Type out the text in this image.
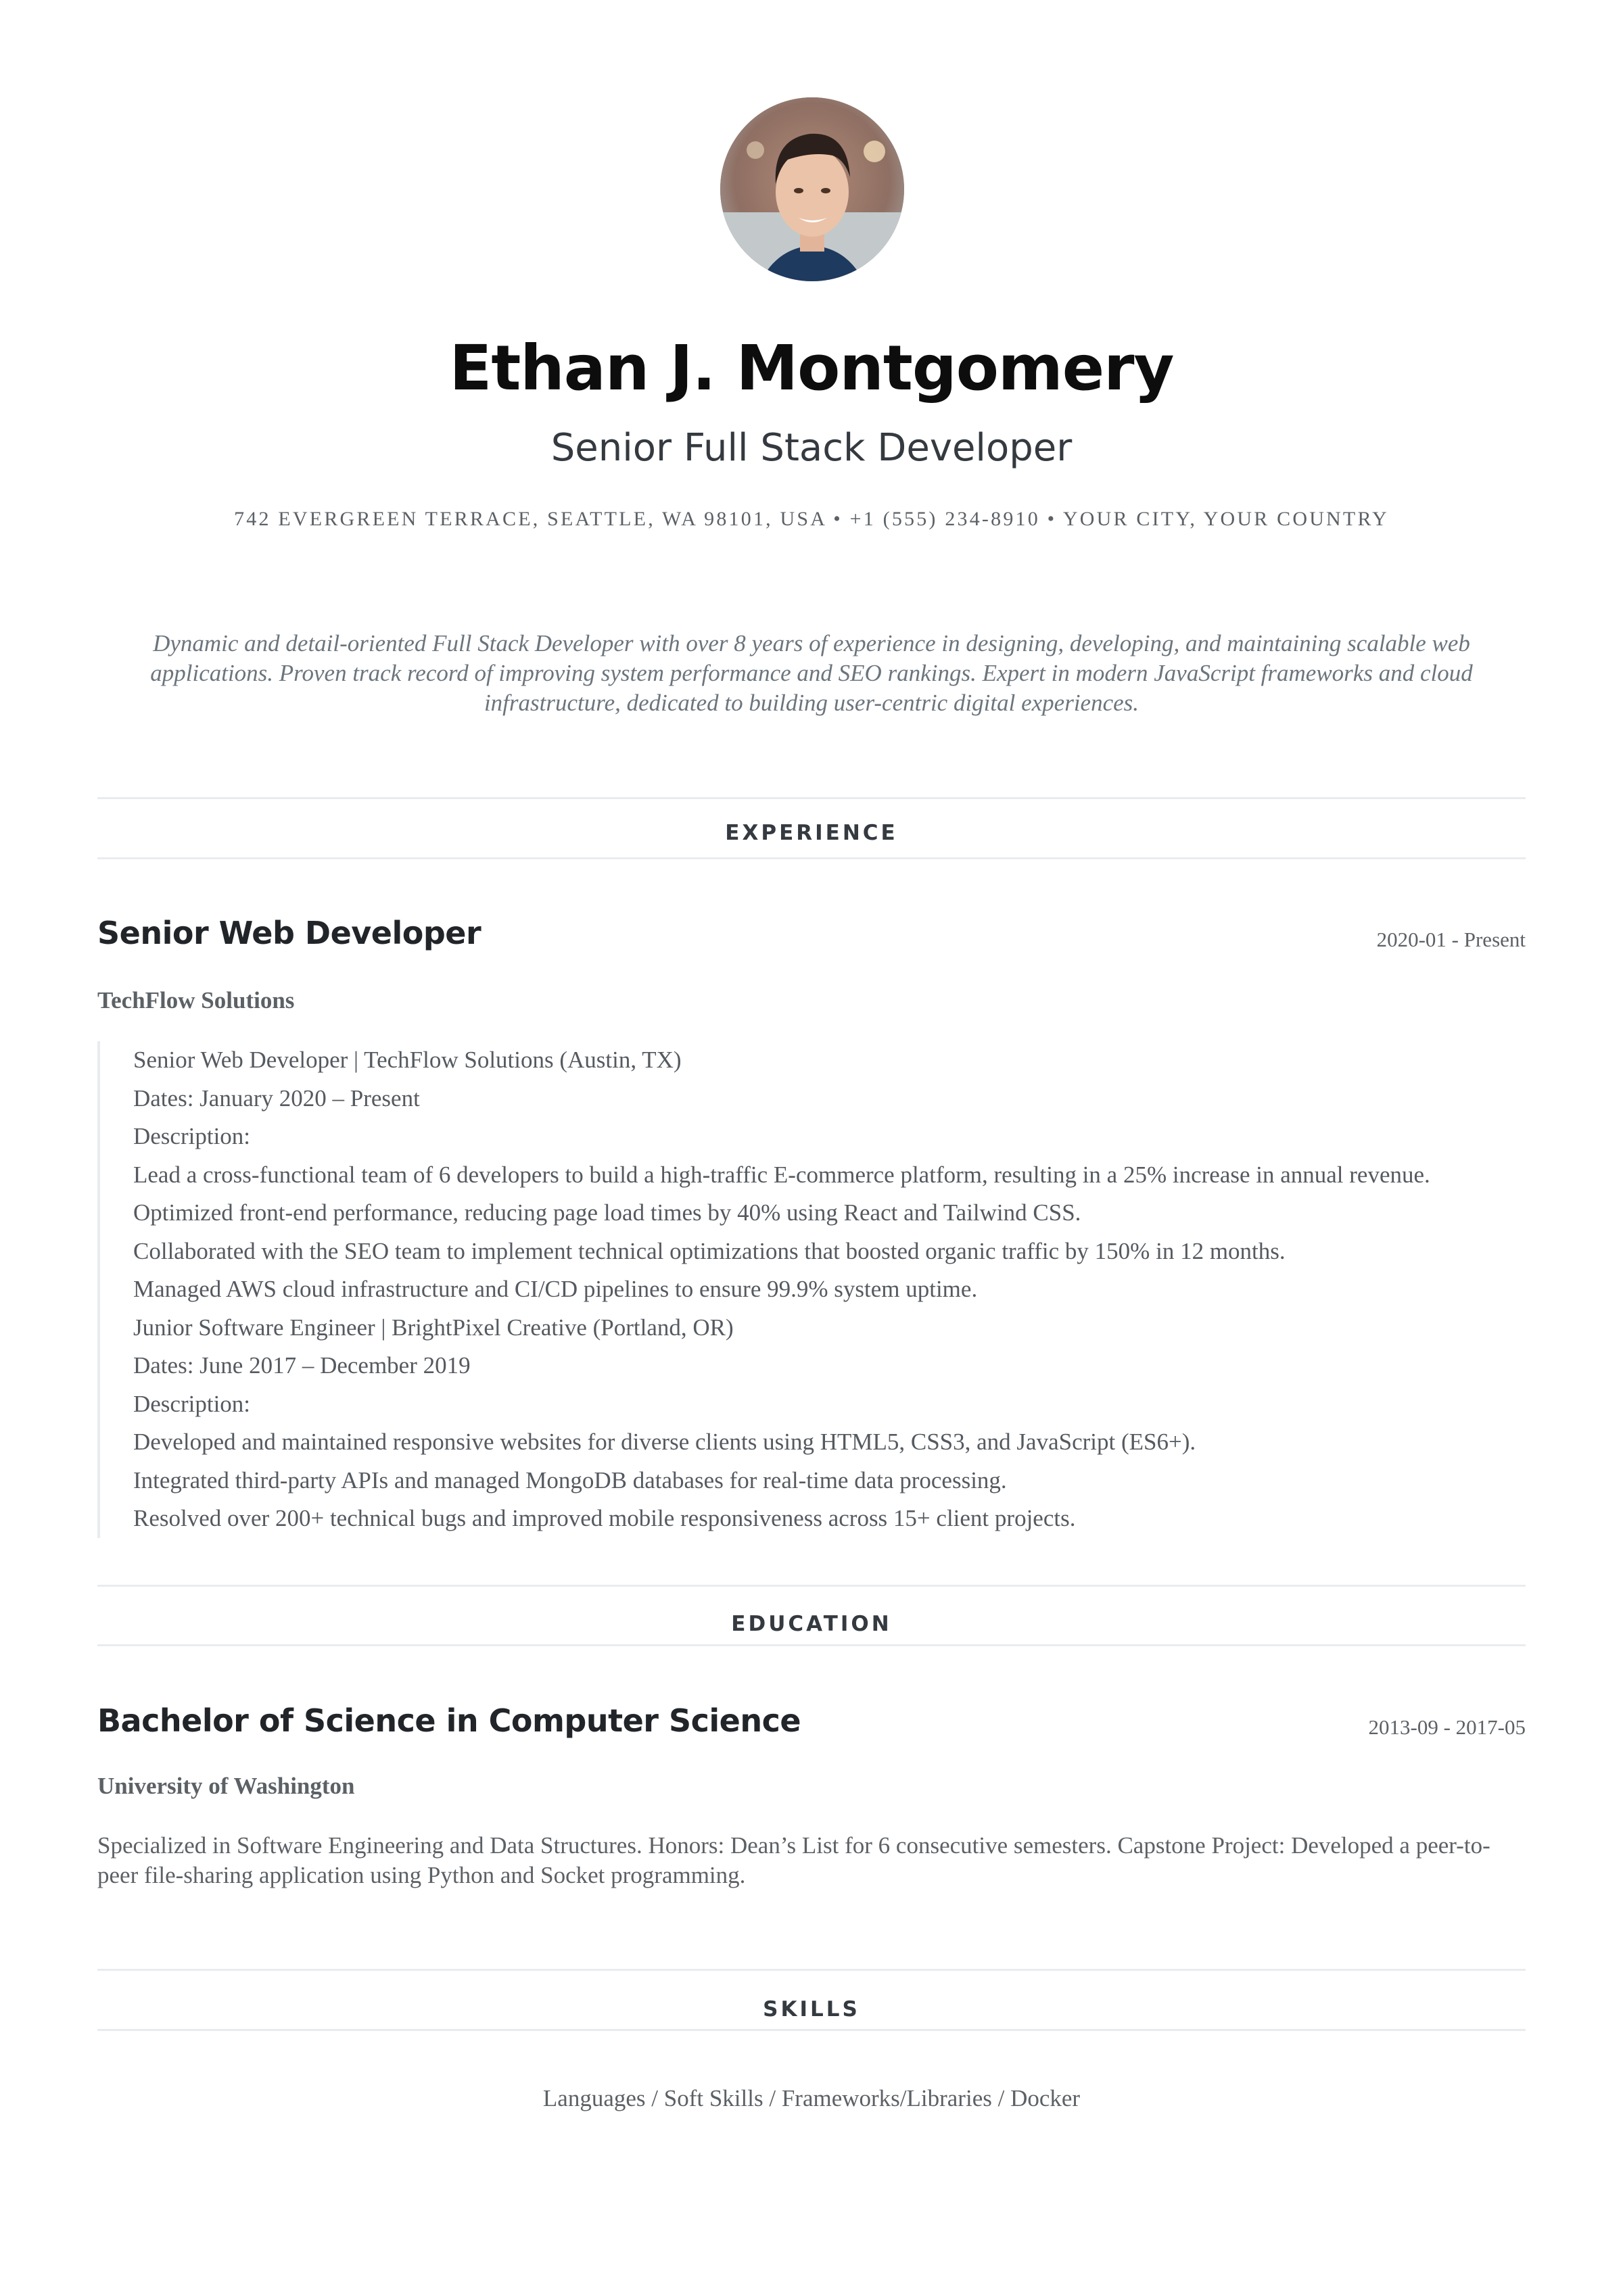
Ethan J. Montgomery
Senior Full Stack Developer
742 EVERGREEN TERRACE, SEATTLE, WA 98101, USA • +1 (555) 234-8910 • YOUR CITY, YOUR COUNTRY
Dynamic and detail-oriented Full Stack Developer with over 8 years of experience in designing, developing, and maintaining scalable web applications. Proven track record of improving system performance and SEO rankings. Expert in modern JavaScript frameworks and cloud infrastructure, dedicated to building user-centric digital experiences.
EXPERIENCE
Senior Web Developer	2020-01 - Present
TechFlow Solutions
Senior Web Developer | TechFlow Solutions (Austin, TX)
Dates: January 2020 – Present
Description:
Lead a cross-functional team of 6 developers to build a high-traffic E-commerce platform, resulting in a 25% increase in annual revenue.
Optimized front-end performance, reducing page load times by 40% using React and Tailwind CSS.
Collaborated with the SEO team to implement technical optimizations that boosted organic traffic by 150% in 12 months.
Managed AWS cloud infrastructure and CI/CD pipelines to ensure 99.9% system uptime.
Junior Software Engineer | BrightPixel Creative (Portland, OR)
Dates: June 2017 – December 2019
Description:
Developed and maintained responsive websites for diverse clients using HTML5, CSS3, and JavaScript (ES6+).
Integrated third-party APIs and managed MongoDB databases for real-time data processing.
Resolved over 200+ technical bugs and improved mobile responsiveness across 15+ client projects.
EDUCATION
Bachelor of Science in Computer Science	2013-09 - 2017-05
University of Washington
Specialized in Software Engineering and Data Structures. Honors: Dean’s List for 6 consecutive semesters. Capstone Project: Developed a peer-to-peer file-sharing application using Python and Socket programming.
SKILLS
Languages / Soft Skills / Frameworks/Libraries / Docker
